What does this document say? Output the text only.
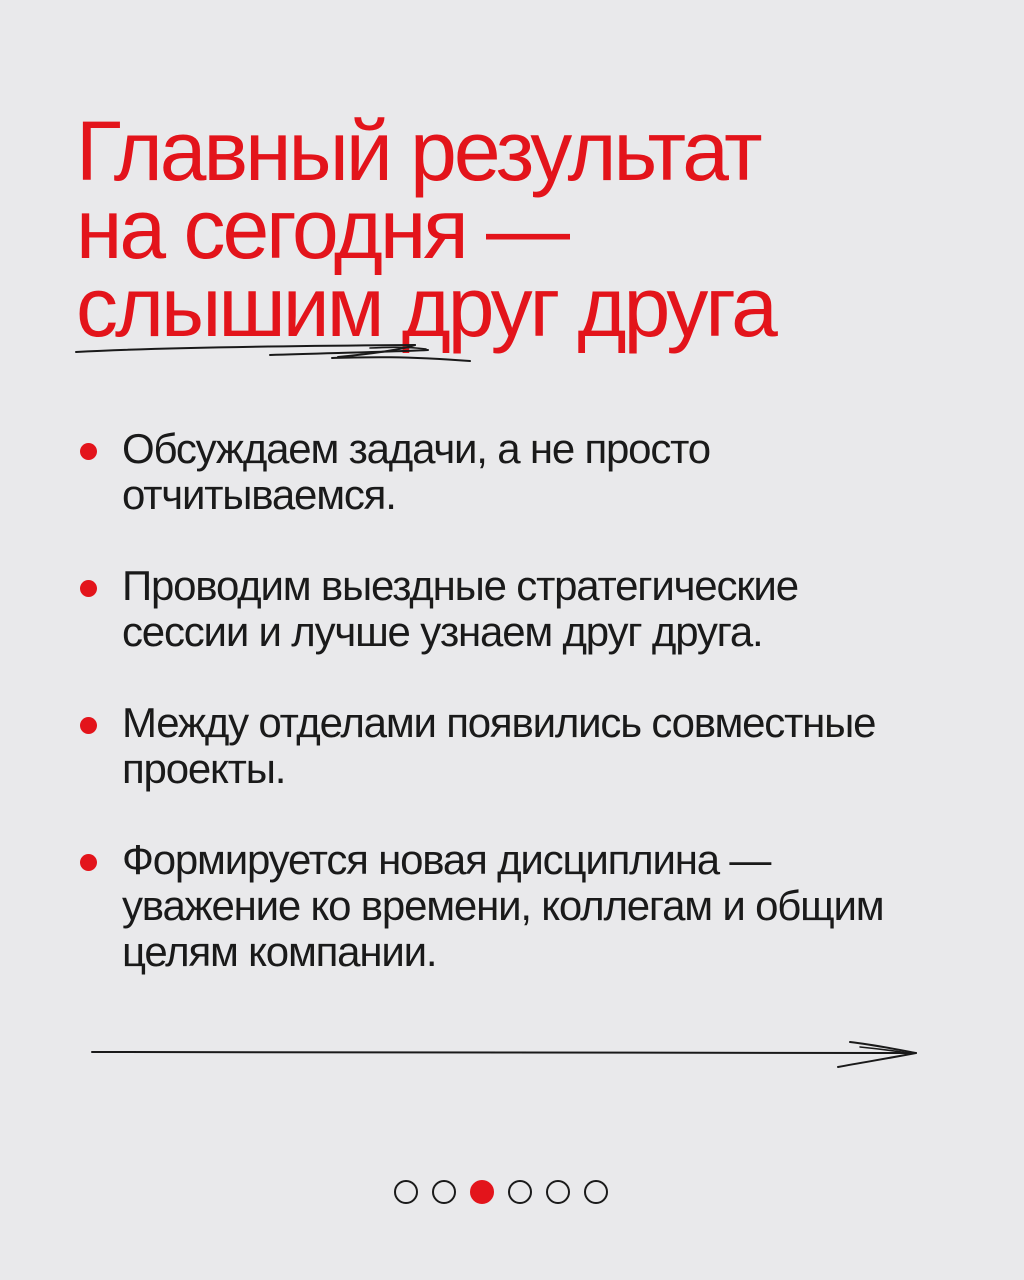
Главный результат
на сегодня —
слышим друг друга
Обсуждаем задачи, а не просто
отчитываемся.
Проводим выездные стратегические
сессии и лучше узнаем друг друга.
Между отделами появились совместные
проекты.
Формируется новая дисциплина —
уважение ко времени, коллегам и общим
целям компании.
